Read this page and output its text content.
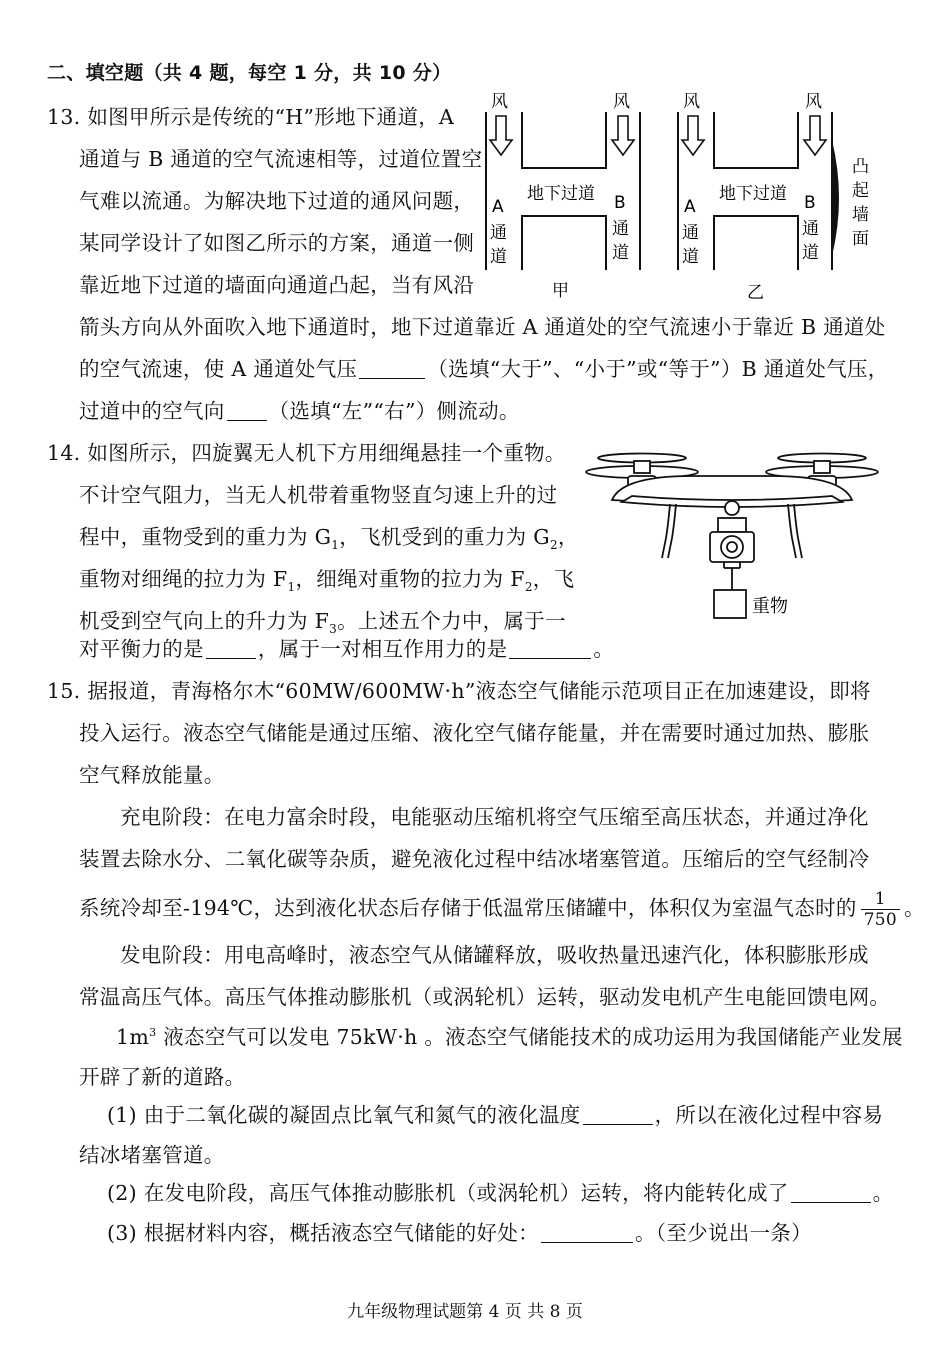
二、填空题（共 4 题，每空 1 分，共 10 分）
13. 如图甲所示是传统的“H”形地下通道，A
通道与 B 通道的空气流速相等，过道位置空
气难以流通。为解决地下过道的通风问题，
某同学设计了如图乙所示的方案，通道一侧
靠近地下过道的墙面向通道凸起，当有风沿
箭头方向从外面吹入地下通道时，地下过道靠近 A 通道处的空气流速小于靠近 B 通道处
的空气流速，使 A 通道处气压	（选填“大于”、“小于”或“等于”）B 通道处气压，
过道中的空气向 （选填“左”“右”）侧流动。
风	风
地下过道
A
通
道
B
通
道
甲
风	风
地下过道
A
通
道
B
通
道
凸
起
墙
面
乙
14. 如图所示，四旋翼无人机下方用细绳悬挂一个重物。
不计空气阻力，当无人机带着重物竖直匀速上升的过
程中，重物受到的重力为 $G_1$，飞机受到的重力为 $G_2$，
重物对细绳的拉力为 $F_1$，细绳对重物的拉力为 $F_2$，飞
机受到空气向上的升力为 $F_3$。上述五个力中，属于一
对平衡力的是	，属于一对相互作用力的是	。
重物
15. 据报道，青海格尔木“60MW/600MW·h”液态空气储能示范项目正在加速建设，即将
投入运行。液态空气储能是通过压缩、液化空气储存能量，并在需要时通过加热、膨胀
空气释放能量。
充电阶段：在电力富余时段，电能驱动压缩机将空气压缩至高压状态，并通过净化
装置去除水分、二氧化碳等杂质，避免液化过程中结冰堵塞管道。压缩后的空气经制冷
系统冷却至-194℃，达到液化状态后存储于低温常压储罐中，体积仅为室温气态时的 $\frac{1}{750}$ 。
发电阶段：用电高峰时，液态空气从储罐释放，吸收热量迅速汽化，体积膨胀形成
常温高压气体。高压气体推动膨胀机（或涡轮机）运转，驱动发电机产生电能回馈电网。
$1m^3$ 液态空气可以发电 75kW·h 。液态空气储能技术的成功运用为我国储能产业发展
开辟了新的道路。
(1) 由于二氧化碳的凝固点比氧气和氮气的液化温度	，所以在液化过程中容易
结冰堵塞管道。
(2) 在发电阶段，高压气体推动膨胀机（或涡轮机）运转，将内能转化成了	。
(3) 根据材料内容，概括液态空气储能的好处：	。（至少说出一条）
九年级物理试题第 4 页 共 8 页
